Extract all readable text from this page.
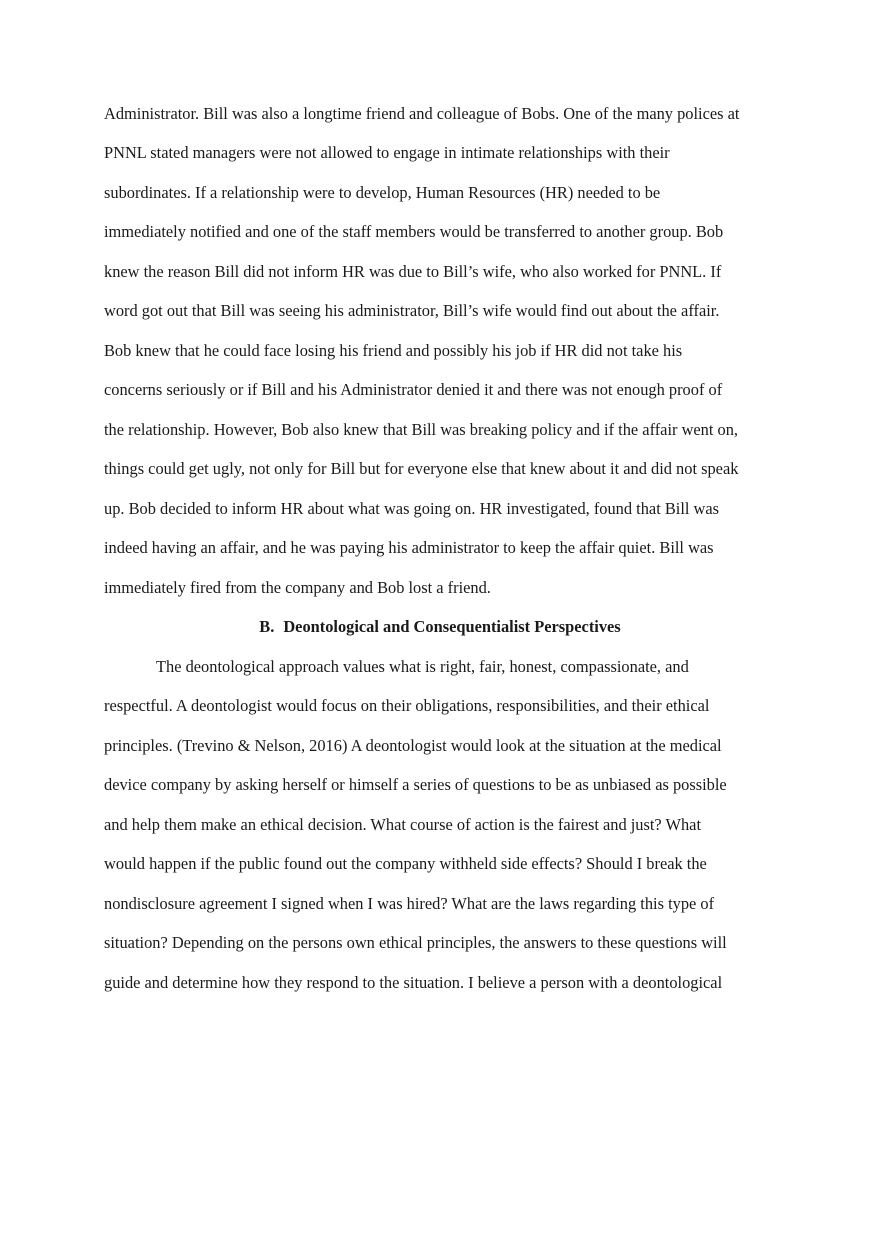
Administrator. Bill was also a longtime friend and colleague of Bobs. One of the many polices at
PNNL stated managers were not allowed to engage in intimate relationships with their
subordinates. If a relationship were to develop, Human Resources (HR) needed to be
immediately notified and one of the staff members would be transferred to another group. Bob
knew the reason Bill did not inform HR was due to Bill’s wife, who also worked for PNNL. If
word got out that Bill was seeing his administrator, Bill’s wife would find out about the affair.
Bob knew that he could face losing his friend and possibly his job if HR did not take his
concerns seriously or if Bill and his Administrator denied it and there was not enough proof of
the relationship. However, Bob also knew that Bill was breaking policy and if the affair went on,
things could get ugly, not only for Bill but for everyone else that knew about it and did not speak
up. Bob decided to inform HR about what was going on. HR investigated, found that Bill was
indeed having an affair, and he was paying his administrator to keep the affair quiet. Bill was
immediately fired from the company and Bob lost a friend.
B. Deontological and Consequentialist Perspectives
The deontological approach values what is right, fair, honest, compassionate, and
respectful. A deontologist would focus on their obligations, responsibilities, and their ethical
principles. (Trevino & Nelson, 2016) A deontologist would look at the situation at the medical
device company by asking herself or himself a series of questions to be as unbiased as possible
and help them make an ethical decision. What course of action is the fairest and just? What
would happen if the public found out the company withheld side effects? Should I break the
nondisclosure agreement I signed when I was hired? What are the laws regarding this type of
situation? Depending on the persons own ethical principles, the answers to these questions will
guide and determine how they respond to the situation. I believe a person with a deontological
